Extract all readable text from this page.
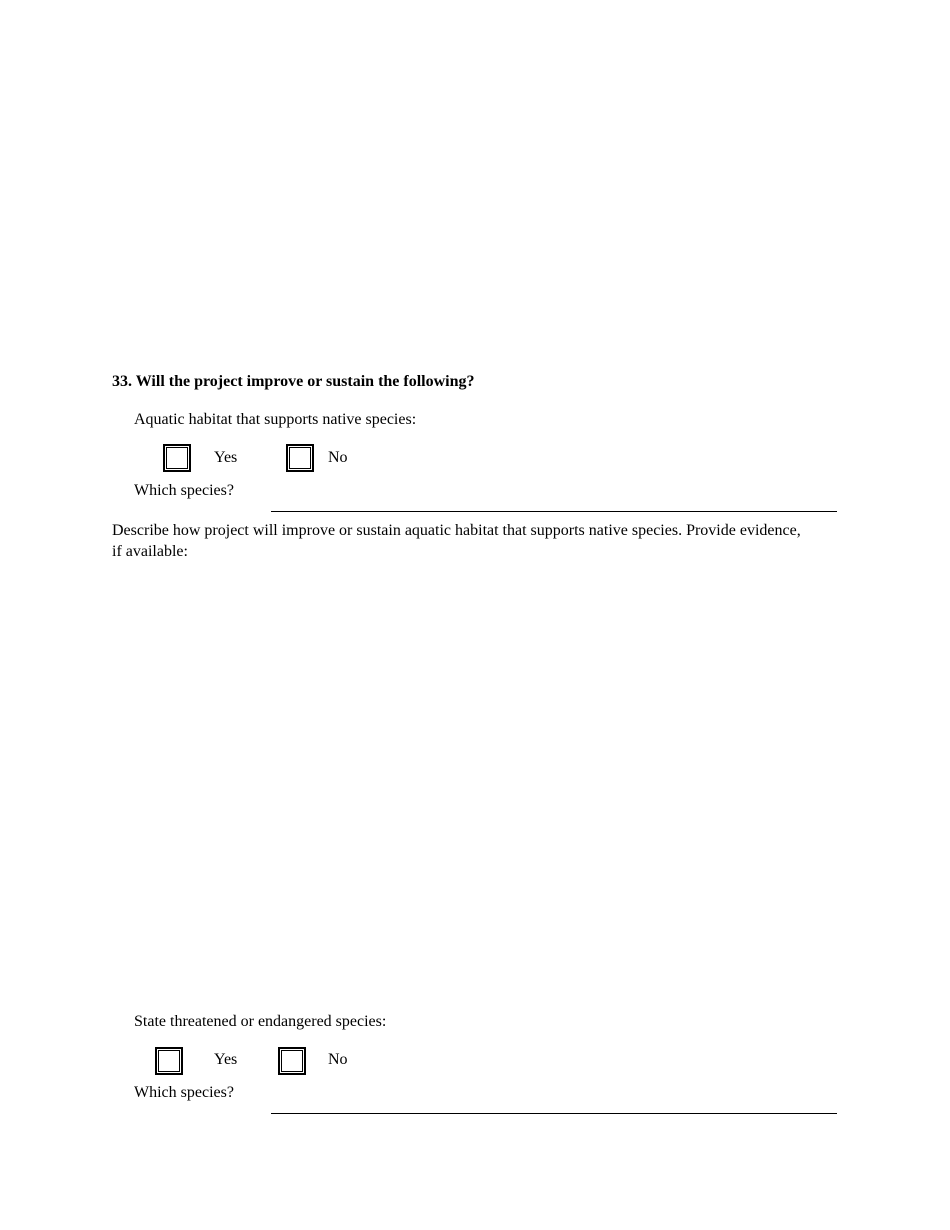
33. Will the project improve or sustain the following?
Aquatic habitat that supports native species:
Yes	No
Which species?
Describe how project will improve or sustain aquatic habitat that supports native species. Provide evidence, if available:
State threatened or endangered species:
Yes	No
Which species?
